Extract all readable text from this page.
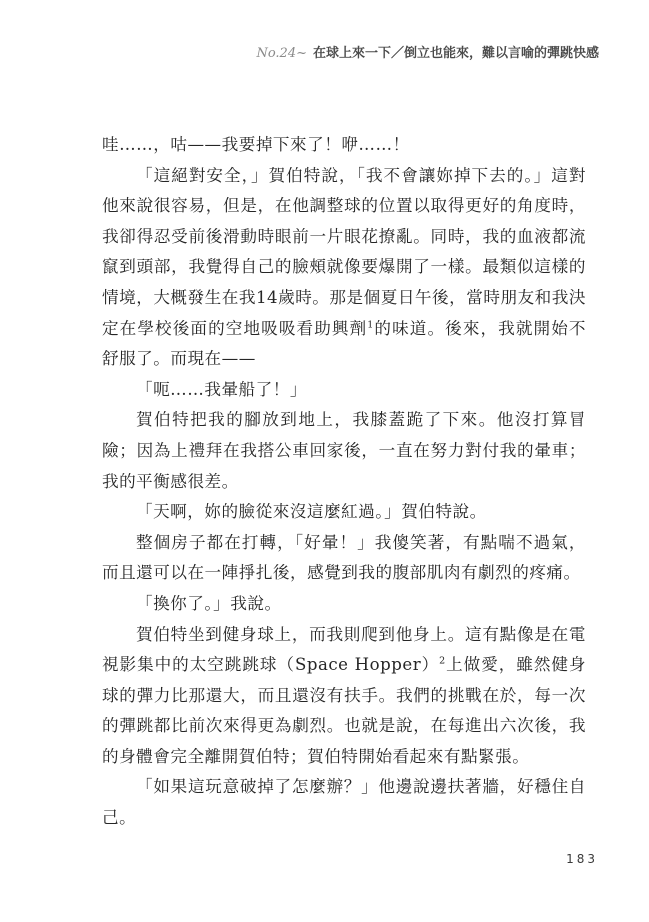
No.24~ 在球上來一下／倒立也能來，難以言喻的彈跳快感

哇……，咕——我要掉下來了！咿……！

「這絕對安全，」賀伯特說，「我不會讓妳掉下去的。」這對他來說很容易，但是，在他調整球的位置以取得更好的角度時，我卻得忍受前後滑動時眼前一片眼花撩亂。同時，我的血液都流竄到頭部，我覺得自己的臉頰就像要爆開了一樣。最類似這樣的情境，大概發生在我14歲時。那是個夏日午後，當時朋友和我決定在學校後面的空地吸吸看助興劑$^1$的味道。後來，我就開始不舒服了。而現在——

「呃……我暈船了！」

賀伯特把我的腳放到地上，我膝蓋跪了下來。他沒打算冒險；因為上禮拜在我搭公車回家後，一直在努力對付我的暈車；我的平衡感很差。

「天啊，妳的臉從來沒這麼紅過。」賀伯特說。

整個房子都在打轉，「好暈！」我傻笑著，有點喘不過氣，而且還可以在一陣掙扎後，感覺到我的腹部肌肉有劇烈的疼痛。

「換你了。」我說。

賀伯特坐到健身球上，而我則爬到他身上。這有點像是在電視影集中的太空跳跳球（Space Hopper）$^2$上做愛，雖然健身球的彈力比那還大，而且還沒有扶手。我們的挑戰在於，每一次的彈跳都比前次來得更為劇烈。也就是說，在每進出六次後，我的身體會完全離開賀伯特；賀伯特開始看起來有點緊張。

「如果這玩意破掉了怎麼辦？」他邊說邊扶著牆，好穩住自己。

183
